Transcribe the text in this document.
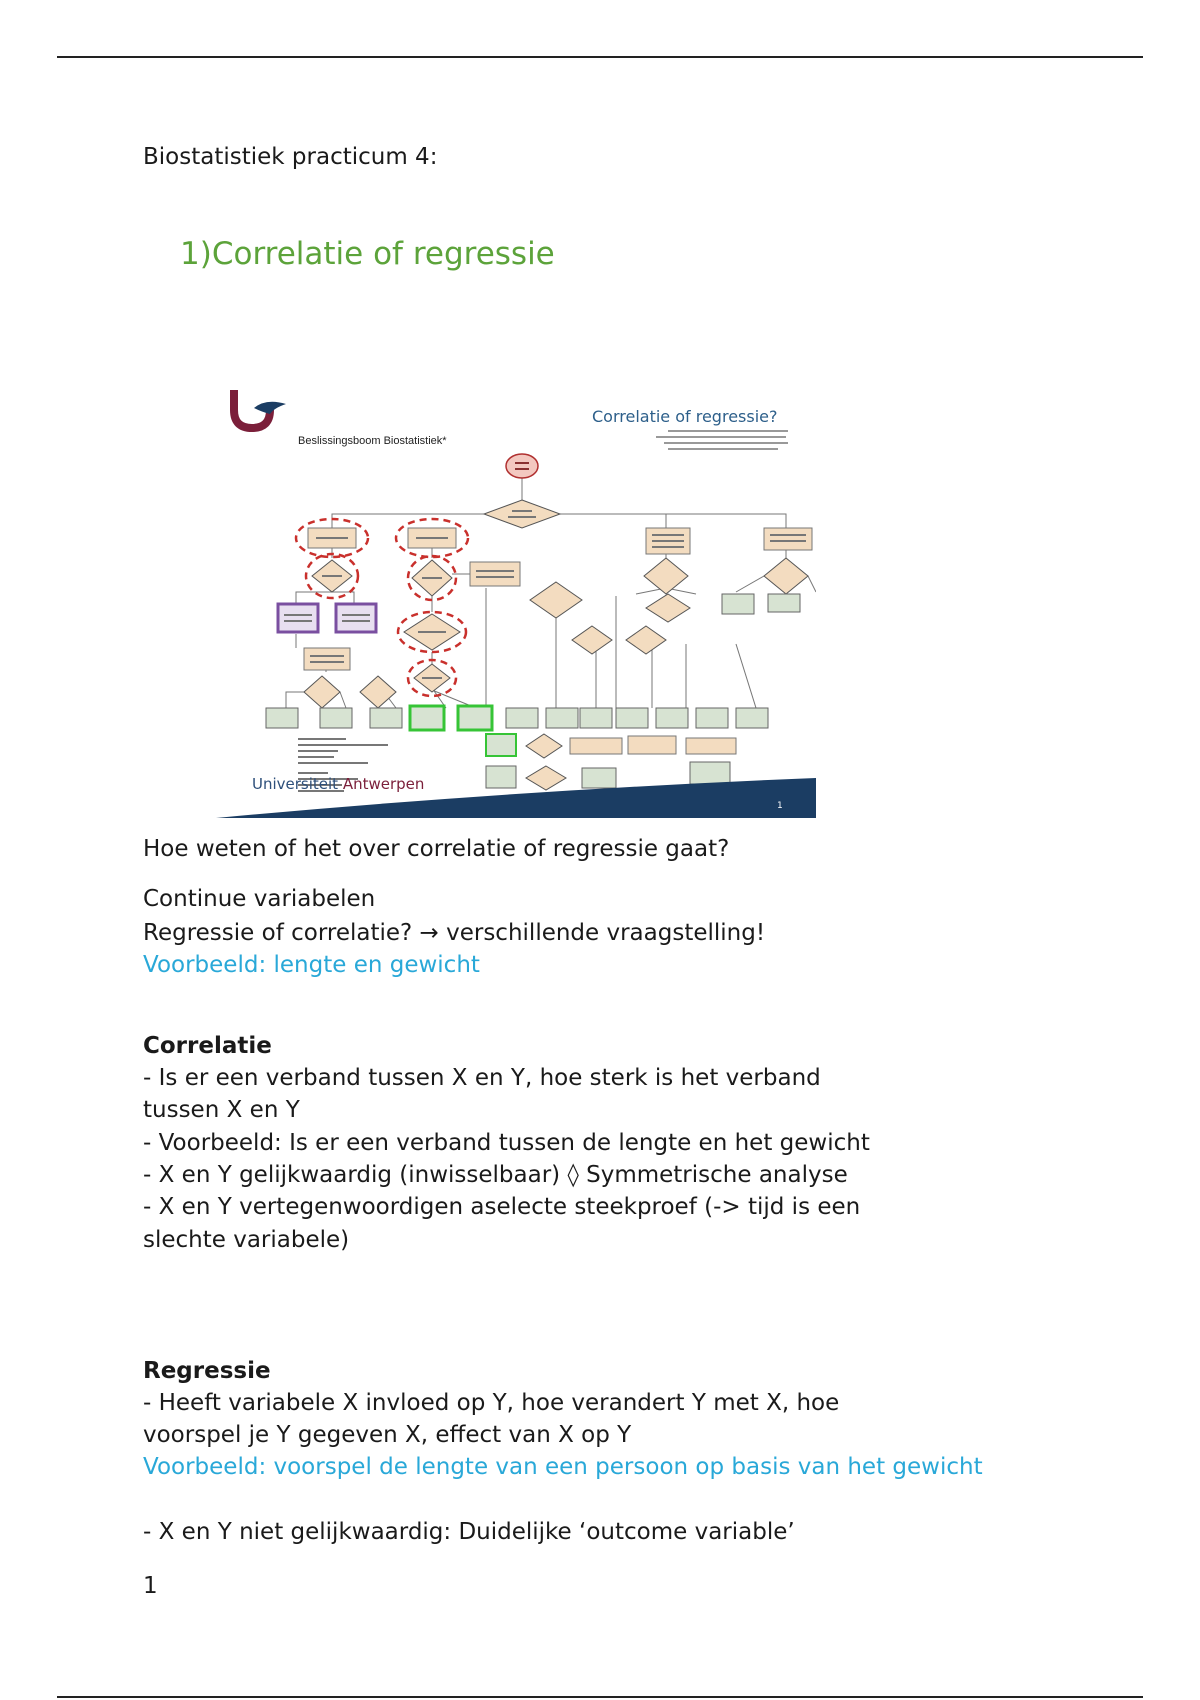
Biostatistiek practicum 4:
1)Correlatie of regressie
Beslissingsboom Biostatistiek*
Correlatie of regressie?
Universiteit Antwerpen
1
Hoe weten of het over correlatie of regressie gaat?
Continue variabelen
Regressie of correlatie? → verschillende vraagstelling!
Voorbeeld: lengte en gewicht
Correlatie
- Is er een verband tussen X en Y, hoe sterk is het verband
tussen X en Y
- Voorbeeld: Is er een verband tussen de lengte en het gewicht
- X en Y gelijkwaardig (inwisselbaar) ◊ Symmetrische analyse
- X en Y vertegenwoordigen aselecte steekproef (-> tijd is een
slechte variabele)
Regressie
- Heeft variabele X invloed op Y, hoe verandert Y met X, hoe
voorspel je Y gegeven X, effect van X op Y
Voorbeeld: voorspel de lengte van een persoon op basis van het gewicht
- X en Y niet gelijkwaardig: Duidelijke ‘outcome variable’
1
